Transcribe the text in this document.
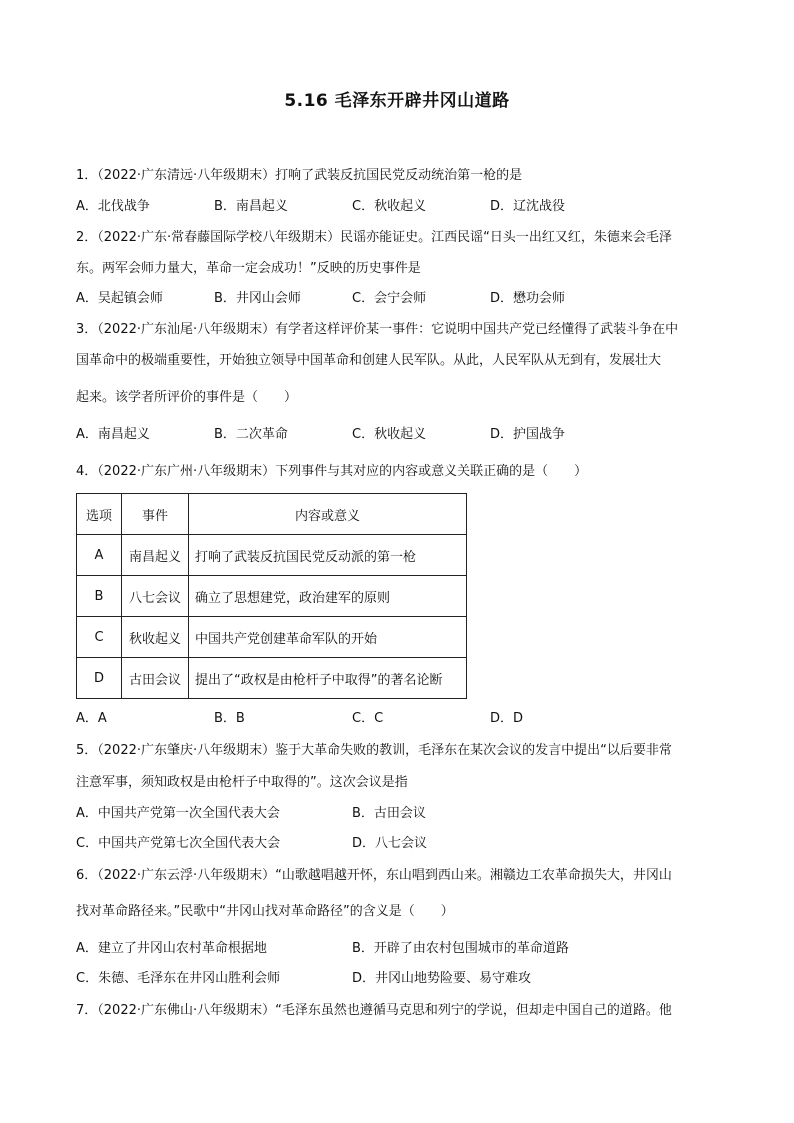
5.16 毛泽东开辟井冈山道路
1．（2022·广东清远·八年级期末）打响了武装反抗国民党反动统治第一枪的是
A．北伐战争	B．南昌起义	C．秋收起义	D．辽沈战役
2．（2022·广东·常春藤国际学校八年级期末）民谣亦能证史。江西民谣“日头一出红又红，朱德来会毛泽
东。两军会师力量大，革命一定会成功！”反映的历史事件是
A．吴起镇会师	B．井冈山会师	C．会宁会师	D．懋功会师
3．（2022·广东汕尾·八年级期末）有学者这样评价某一事件：它说明中国共产党已经懂得了武装斗争在中
国革命中的极端重要性，开始独立领导中国革命和创建人民军队。从此，人民军队从无到有，发展壮大
起来。该学者所评价的事件是（　　）
A．南昌起义	B．二次革命	C．秋收起义	D．护国战争
4．（2022·广东广州·八年级期末）下列事件与其对应的内容或意义关联正确的是（　　）
选项	事件	内容或意义
A	南昌起义	打响了武装反抗国民党反动派的第一枪
B	八七会议	确立了思想建党，政治建军的原则
C	秋收起义	中国共产党创建革命军队的开始
D	古田会议	提出了“政权是由枪杆子中取得”的著名论断
A．A	B．B	C．C	D．D
5．（2022·广东肇庆·八年级期末）鉴于大革命失败的教训，毛泽东在某次会议的发言中提出“以后要非常
注意军事，须知政权是由枪杆子中取得的”。这次会议是指
A．中国共产党第一次全国代表大会	B．古田会议
C．中国共产党第七次全国代表大会	D．八七会议
6．（2022·广东云浮·八年级期末）“山歌越唱越开怀，东山唱到西山来。湘赣边工农革命损失大，井冈山
找对革命路径来。”民歌中“井冈山找对革命路径”的含义是（　　）
A．建立了井冈山农村革命根据地	B．开辟了由农村包围城市的革命道路
C．朱德、毛泽东在井冈山胜利会师	D．井冈山地势险要、易守难攻
7．（2022·广东佛山·八年级期末）“毛泽东虽然也遵循马克思和列宁的学说，但却走中国自己的道路。他
